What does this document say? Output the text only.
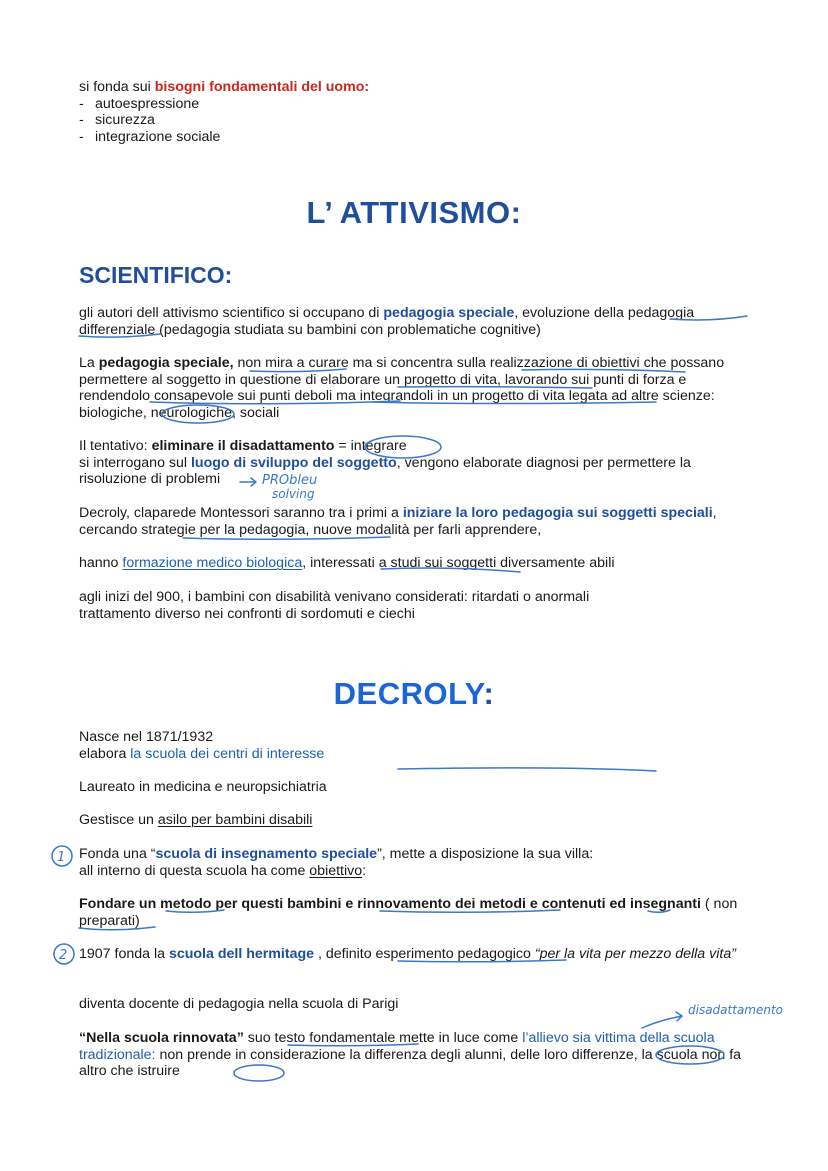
si fonda sui bisogni fondamentali del uomo:

- autoespressione
- sicurezza
- integrazione sociale
L’ ATTIVISMO:
SCIENTIFICO:

gli autori dell attivismo scientifico si occupano di pedagogia speciale, evoluzione della pedagogia differenziale (pedagogia studiata su bambini con problematiche cognitive)

La pedagogia speciale, non mira a curare ma si concentra sulla realizzazione di obiettivi che possano permettere al soggetto in questione di elaborare un progetto di vita, lavorando sui punti di forza e rendendolo consapevole sui punti deboli ma integrandoli in un progetto di vita legata ad altre scienze: biologiche, neurologiche, sociali

Il tentativo: eliminare il disadattamento = integrare

si interrogano sul luogo di sviluppo del soggetto, vengono elaborate diagnosi per permettere la risoluzione di problemi

Decroly, claparede Montessori saranno tra i primi a iniziare la loro pedagogia sui soggetti speciali, cercando strategie per la pedagogia, nuove modalità per farli apprendere,

hanno formazione medico biologica, interessati a studi sui soggetti diversamente abili

agli inizi del 900, i bambini con disabilità venivano considerati: ritardati o anormali

trattamento diverso nei confronti di sordomuti e ciechi

DECROLY:

Nasce nel 1871/1932

elabora la scuola dei centri di interesse

Laureato in medicina e neuropsichiatria

Gestisce un asilo per bambini disabili

Fonda una “scuola di insegnamento speciale”, mette a disposizione la sua villa:

all interno di questa scuola ha come obiettivo:

Fondare un metodo per questi bambini e rinnovamento dei metodi e contenuti ed insegnanti ( non preparati)

1907 fonda la scuola dell hermitage , definito esperimento pedagogico “per la vita per mezzo della vita”

diventa docente di pedagogia nella scuola di Parigi

“Nella scuola rinnovata” suo testo fondamentale mette in luce come l’allievo sia vittima della scuola tradizionale: non prende in considerazione la differenza degli alunni, delle loro differenze, la scuola non fa altro che istruire

PRObleu
solving
disadattamento
1
2
